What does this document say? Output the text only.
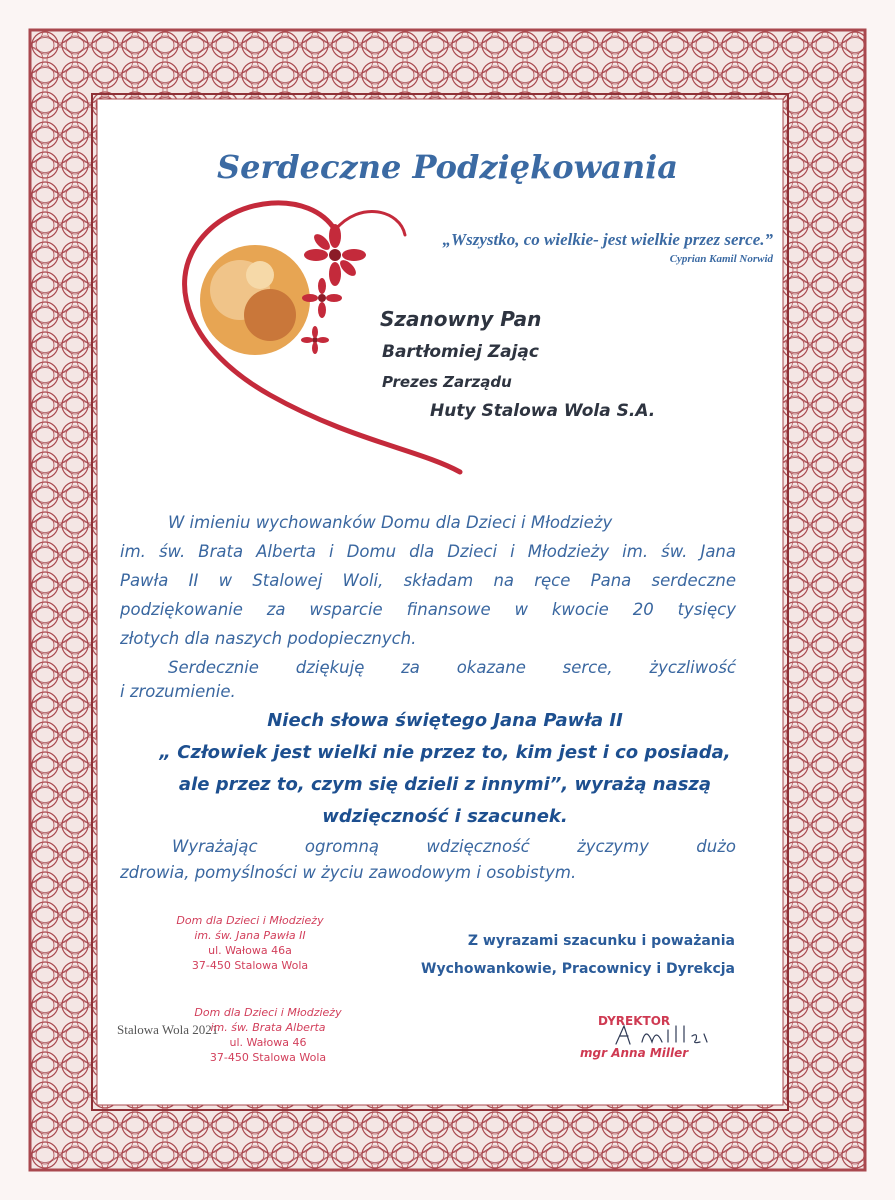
Serdeczne Podziękowania
„Wszystko, co wielkie- jest wielkie przez serce.”
Cyprian Kamil Norwid
Szanowny Pan
Bartłomiej Zając
Prezes Zarządu
Huty Stalowa Wola S.A.
W imieniu wychowanków Domu dla Dzieci i Młodzieży
im. św. Brata Alberta i Domu dla Dzieci i Młodzieży im. św. Jana
Pawła II w Stalowej Woli, składam na ręce Pana serdeczne
podziękowanie za wsparcie finansowe w kwocie 20 tysięcy
złotych dla naszych podopiecznych.
Serdecznie dziękuję za okazane serce, życzliwość
i zrozumienie.
Niech słowa świętego Jana Pawła II
„ Człowiek jest wielki nie przez to, kim jest i co posiada,
ale przez to, czym się dzieli z innymi”, wyrażą naszą
wdzięczność i szacunek.
Wyrażając ogromną wdzięczność życzymy dużo
zdrowia, pomyślności w życiu zawodowym i osobistym.
Z wyrazami szacunku i poważania
Wychowankowie, Pracownicy i Dyrekcja
Dom dla Dzieci i Młodzieży
im. św. Jana Pawła II
ul. Wałowa 46a
37-450 Stalowa Wola
Stalowa Wola 2021
Dom dla Dzieci i Młodzieży
im. św. Brata Alberta
ul. Wałowa 46
37-450 Stalowa Wola
DYREKTOR
mgr Anna Miller
